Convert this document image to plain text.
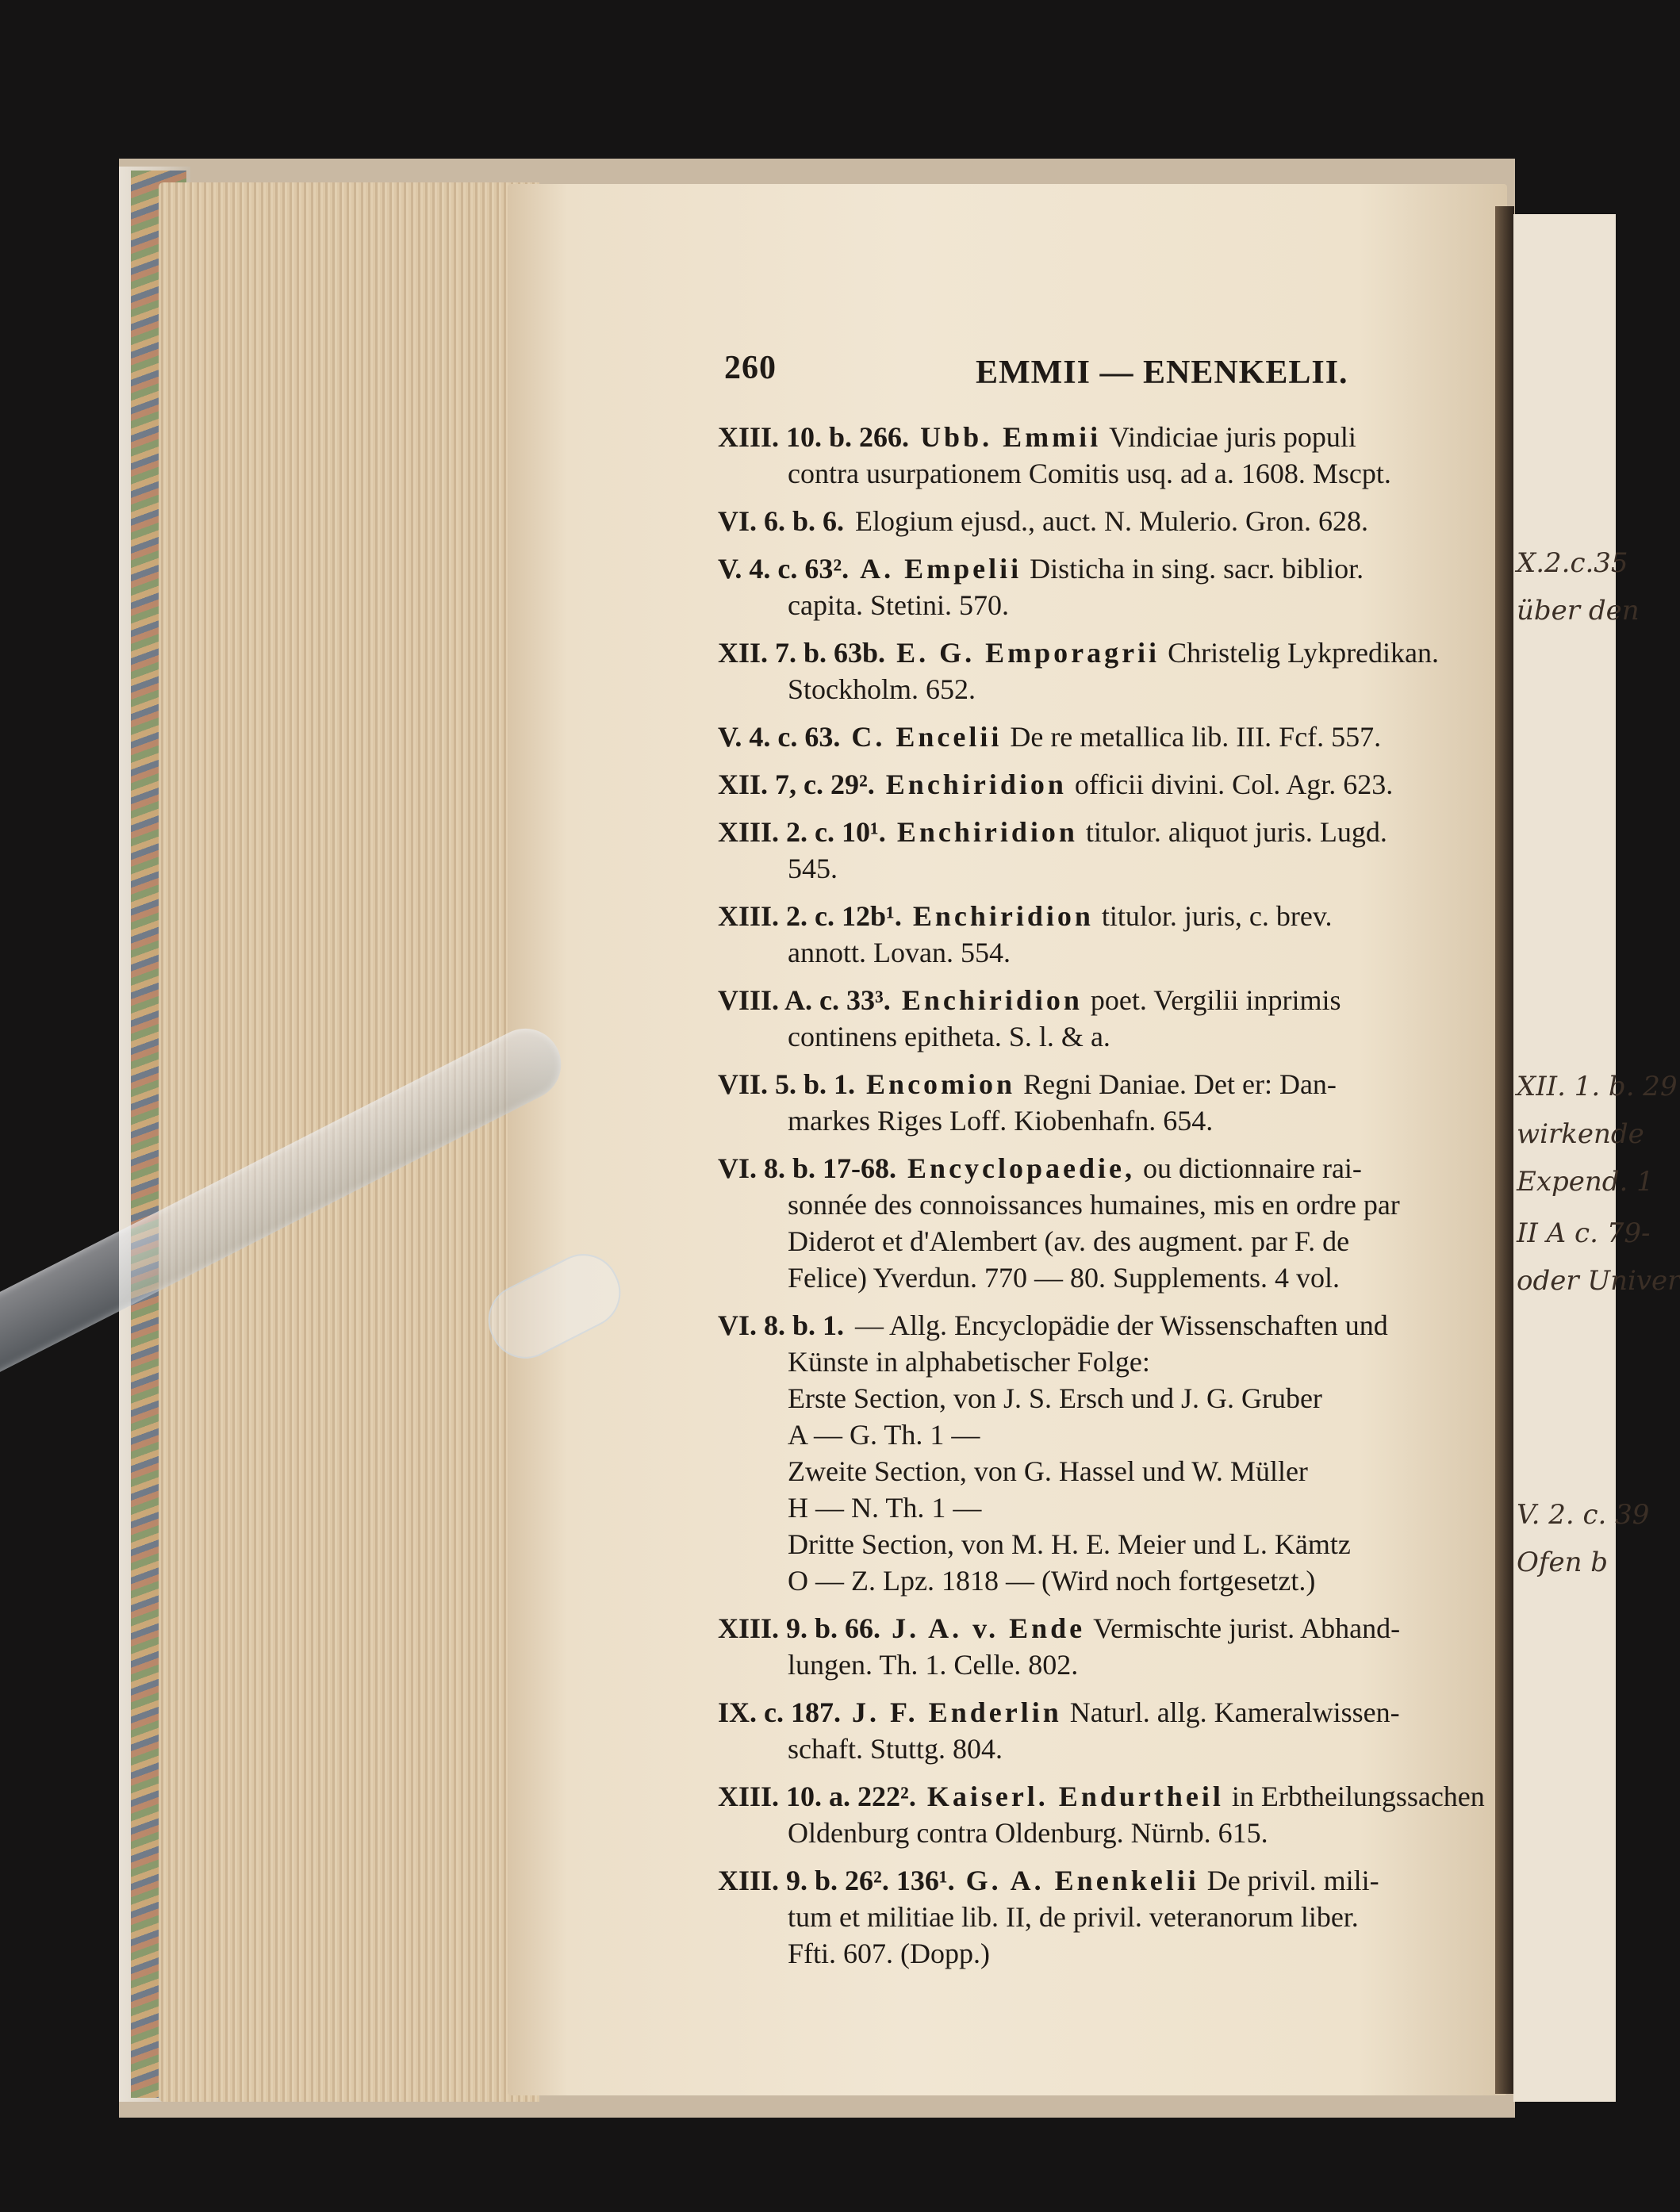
X.2.c.35
über den
XII. 1. b. 29
wirkende
Expend. 1
II A c. 79-
oder Univer
V. 2. c. 39
Ofen b
260	EMMII — ENENKELII.
XIII. 10. b. 266. Ubb. Emmii Vindiciae juris populi
contra usurpationem Comitis usq. ad a. 1608. Mscpt.
VI. 6. b. 6. Elogium ejusd., auct. N. Mulerio. Gron. 628.
V. 4. c. 63². A. Empelii Disticha in sing. sacr. biblior.
capita. Stetini. 570.
XII. 7. b. 63b. E. G. Emporagrii Christelig Lykpredikan.
Stockholm. 652.
V. 4. c. 63. C. Encelii De re metallica lib. III. Fcf. 557.
XII. 7, c. 29². Enchiridion officii divini. Col. Agr. 623.
XIII. 2. c. 10¹. Enchiridion titulor. aliquot juris. Lugd.
545.
XIII. 2. c. 12b¹. Enchiridion titulor. juris, c. brev.
annott. Lovan. 554.
VIII. A. c. 33³. Enchiridion poet. Vergilii inprimis
continens epitheta. S. l. & a.
VII. 5. b. 1. Encomion Regni Daniae. Det er: Dan-
markes Riges Loff. Kiobenhafn. 654.
VI. 8. b. 17-68. Encyclopaedie, ou dictionnaire rai-
sonnée des connoissances humaines, mis en ordre par
Diderot et d'Alembert (av. des augment. par F. de
Felice) Yverdun. 770 — 80. Supplements. 4 vol.
VI. 8. b. 1. — Allg. Encyclopädie der Wissenschaften und
Künste in alphabetischer Folge:
Erste Section, von J. S. Ersch und J. G. Gruber
A — G. Th. 1 —
Zweite Section, von G. Hassel und W. Müller
H — N. Th. 1 —
Dritte Section, von M. H. E. Meier und L. Kämtz
O — Z. Lpz. 1818 — (Wird noch fortgesetzt.)
XIII. 9. b. 66. J. A. v. Ende Vermischte jurist. Abhand-
lungen. Th. 1. Celle. 802.
IX. c. 187. J. F. Enderlin Naturl. allg. Kameralwissen-
schaft. Stuttg. 804.
XIII. 10. a. 222². Kaiserl. Endurtheil in Erbtheilungssachen
Oldenburg contra Oldenburg. Nürnb. 615.
XIII. 9. b. 26². 136¹. G. A. Enenkelii De privil. mili-
tum et militiae lib. II, de privil. veteranorum liber.
Ffti. 607. (Dopp.)
